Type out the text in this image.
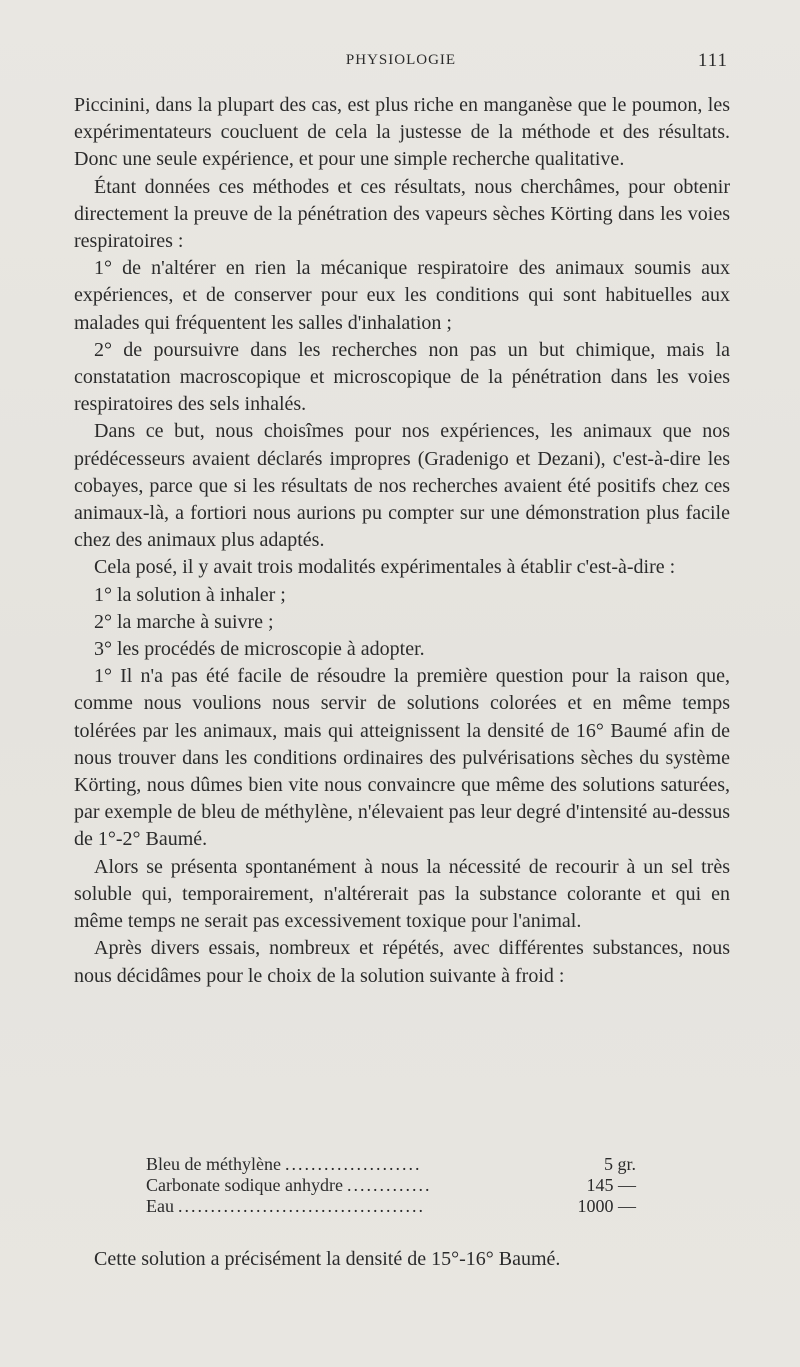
PHYSIOLOGIE	111

Piccinini, dans la plupart des cas, est plus riche en manganèse que le poumon, les expérimentateurs coucluent de cela la justesse de la méthode et des résultats. Donc une seule expérience, et pour une simple recherche qualitative.

Étant données ces méthodes et ces résultats, nous cherchâmes, pour obtenir directement la preuve de la pénétration des vapeurs sèches Körting dans les voies respiratoires :

1° de n'altérer en rien la mécanique respiratoire des animaux soumis aux expériences, et de conserver pour eux les conditions qui sont habituelles aux malades qui fréquentent les salles d'inhalation ;

2° de poursuivre dans les recherches non pas un but chimique, mais la constatation macroscopique et microscopique de la pénétration dans les voies respiratoires des sels inhalés.

Dans ce but, nous choisîmes pour nos expériences, les animaux que nos prédécesseurs avaient déclarés impropres (Gradenigo et Dezani), c'est-à-dire les cobayes, parce que si les résultats de nos recherches avaient été positifs chez ces animaux-là, a fortiori nous aurions pu compter sur une démonstration plus facile chez des animaux plus adaptés.

Cela posé, il y avait trois modalités expérimentales à établir c'est-à-dire :

1° la solution à inhaler ;

2° la marche à suivre ;

3° les procédés de microscopie à adopter.

1° Il n'a pas été facile de résoudre la première question pour la raison que, comme nous voulions nous servir de solutions colorées et en même temps tolérées par les animaux, mais qui atteignissent la densité de 16° Baumé afin de nous trouver dans les conditions ordinaires des pulvérisations sèches du système Körting, nous dûmes bien vite nous convaincre que même des solutions saturées, par exemple de bleu de méthylène, n'élevaient pas leur degré d'intensité au-dessus de 1°-2° Baumé.

Alors se présenta spontanément à nous la nécessité de recourir à un sel très soluble qui, temporairement, n'altérerait pas la substance colorante et qui en même temps ne serait pas excessivement toxique pour l'animal.

Après divers essais, nombreux et répétés, avec différentes substances, nous nous décidâmes pour le choix de la solution suivante à froid :

Bleu de méthylène .....................	5 gr.
Carbonate sodique anhydre .............	145 —
Eau ......................................	1000 —

Cette solution a précisément la densité de 15°-16° Baumé.
